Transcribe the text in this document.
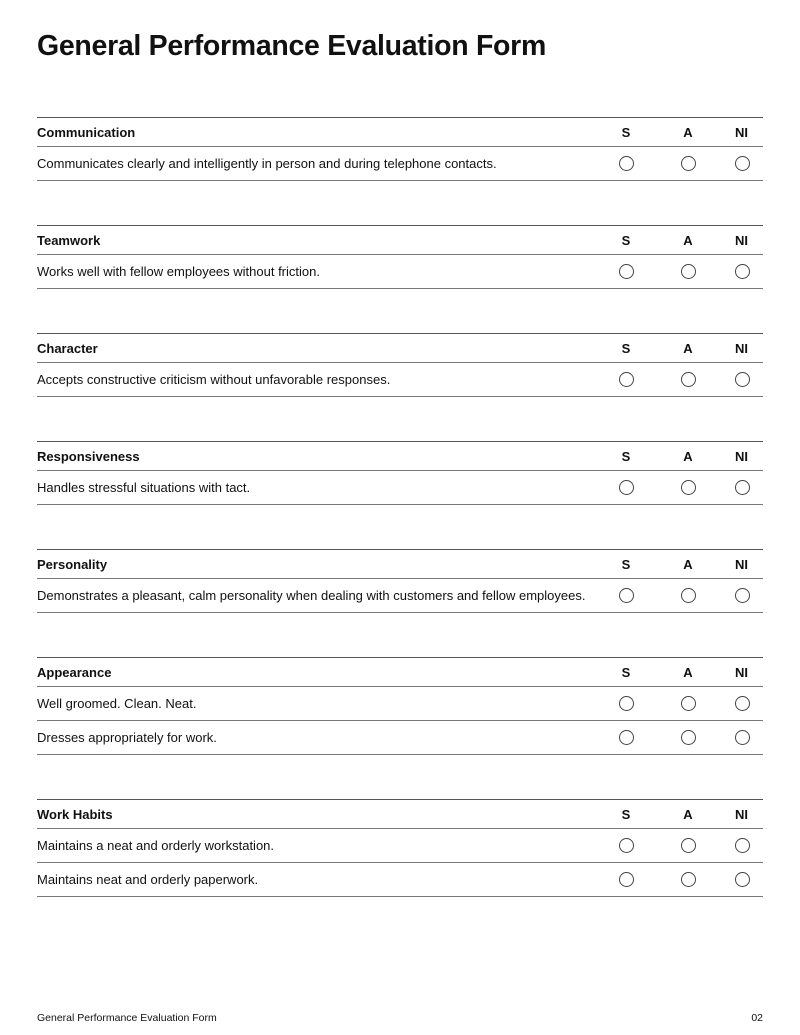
General Performance Evaluation Form
Communication	S	A	NI
Communicates clearly and intelligently in person and during telephone contacts.
Teamwork	S	A	NI
Works well with fellow employees without friction.
Character	S	A	NI
Accepts constructive criticism without unfavorable responses.
Responsiveness	S	A	NI
Handles stressful situations with tact.
Personality	S	A	NI
Demonstrates a pleasant, calm personality when dealing with customers and fellow employees.
Appearance	S	A	NI
Well groomed. Clean. Neat.
Dresses appropriately for work.
Work Habits	S	A	NI
Maintains a neat and orderly workstation.
Maintains neat and orderly paperwork.
General Performance Evaluation Form	02
